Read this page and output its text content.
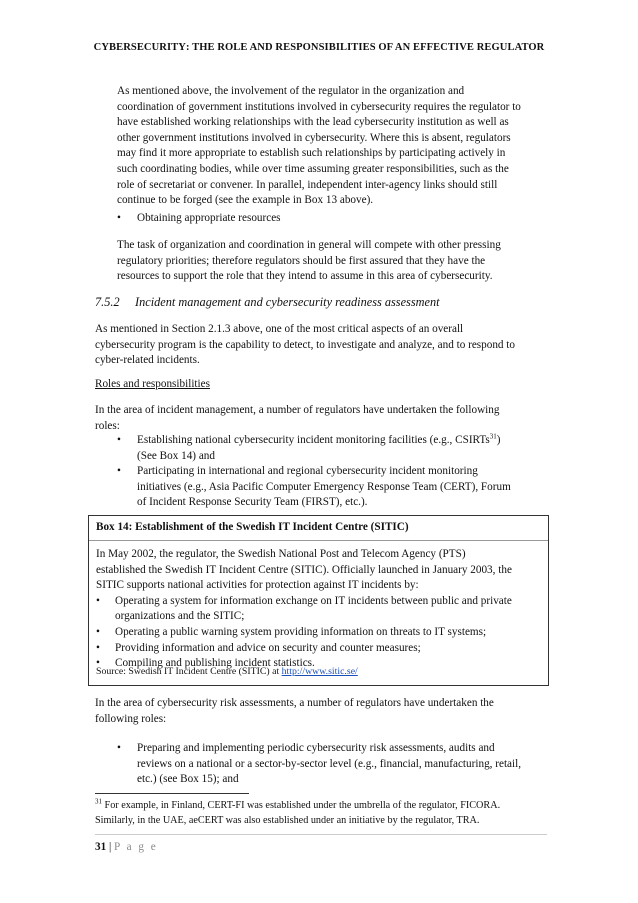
CYBERSECURITY: THE ROLE AND RESPONSIBILITIES OF AN EFFECTIVE REGULATOR
As mentioned above, the involvement of the regulator in the organization and
coordination of government institutions involved in cybersecurity requires the regulator to
have established working relationships with the lead cybersecurity institution as well as
other government institutions involved in cybersecurity. Where this is absent, regulators
may find it more appropriate to establish such relationships by participating actively in
such coordinating bodies, while over time assuming greater responsibilities, such as the
role of secretariat or convener. In parallel, independent inter-agency links should still
continue to be forged (see the example in Box 13 above).
• Obtaining appropriate resources
The task of organization and coordination in general will compete with other pressing
regulatory priorities; therefore regulators should be first assured that they have the
resources to support the role that they intend to assume in this area of cybersecurity.
7.5.2 Incident management and cybersecurity readiness assessment
As mentioned in Section 2.1.3 above, one of the most critical aspects of an overall
cybersecurity program is the capability to detect, to investigate and analyze, and to respond to
cyber-related incidents.
Roles and responsibilities
In the area of incident management, a number of regulators have undertaken the following
roles:
• Establishing national cybersecurity incident monitoring facilities (e.g., CSIRTs$^{31}$)
(See Box 14) and
• Participating in international and regional cybersecurity incident monitoring
initiatives (e.g., Asia Pacific Computer Emergency Response Team (CERT), Forum
of Incident Response Security Team (FIRST), etc.).
Box 14: Establishment of the Swedish IT Incident Centre (SITIC)
In May 2002, the regulator, the Swedish National Post and Telecom Agency (PTS)
established the Swedish IT Incident Centre (SITIC). Officially launched in January 2003, the
SITIC supports national activities for protection against IT incidents by:
• Operating a system for information exchange on IT incidents between public and private
organizations and the SITIC;
• Operating a public warning system providing information on threats to IT systems;
• Providing information and advice on security and counter measures;
• Compiling and publishing incident statistics.
Source: Swedish IT Incident Centre (SITIC) at http://www.sitic.se/
In the area of cybersecurity risk assessments, a number of regulators have undertaken the
following roles:
• Preparing and implementing periodic cybersecurity risk assessments, audits and
reviews on a national or a sector-by-sector level (e.g., financial, manufacturing, retail,
etc.) (see Box 15); and
$^{31}$ For example, in Finland, CERT-FI was established under the umbrella of the regulator, FICORA.
Similarly, in the UAE, aeCERT was also established under an initiative by the regulator, TRA.
31 | P a g e
